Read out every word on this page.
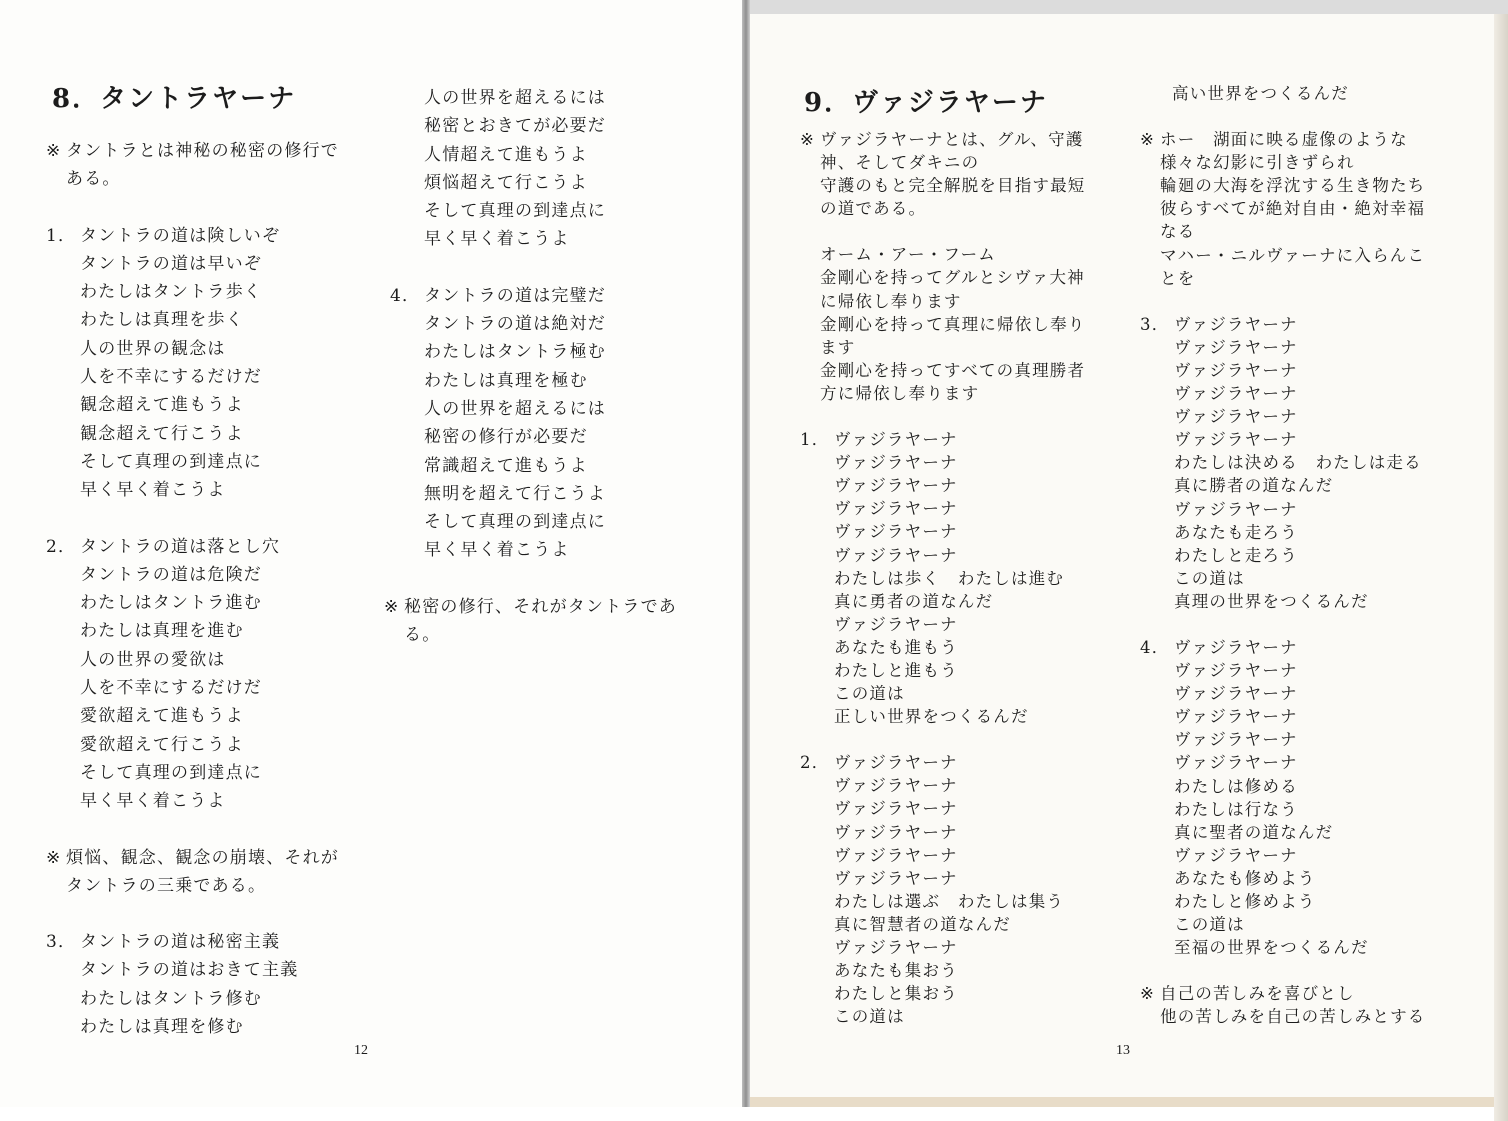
8．タントラヤーナ
※ タントラとは神秘の秘密の修行で
ある。
1． タントラの道は険しいぞ
タントラの道は早いぞ
わたしはタントラ歩く
わたしは真理を歩く
人の世界の観念は
人を不幸にするだけだ
観念超えて進もうよ
観念超えて行こうよ
そして真理の到達点に
早く早く着こうよ
2． タントラの道は落とし穴
タントラの道は危険だ
わたしはタントラ進む
わたしは真理を進む
人の世界の愛欲は
人を不幸にするだけだ
愛欲超えて進もうよ
愛欲超えて行こうよ
そして真理の到達点に
早く早く着こうよ
※ 煩悩、観念、観念の崩壊、それが
タントラの三乗である。
3． タントラの道は秘密主義
タントラの道はおきて主義
わたしはタントラ修む
わたしは真理を修む
人の世界を超えるには
秘密とおきてが必要だ
人情超えて進もうよ
煩悩超えて行こうよ
そして真理の到達点に
早く早く着こうよ
4． タントラの道は完璧だ
タントラの道は絶対だ
わたしはタントラ極む
わたしは真理を極む
人の世界を超えるには
秘密の修行が必要だ
常識超えて進もうよ
無明を超えて行こうよ
そして真理の到達点に
早く早く着こうよ
※ 秘密の修行、それがタントラであ
る。
12
9．ヴァジラヤーナ
※ ヴァジラヤーナとは、グル、守護
神、そしてダキニの
守護のもと完全解脱を目指す最短
の道である。
オーム・アー・フーム
金剛心を持ってグルとシヴァ大神
に帰依し奉ります
金剛心を持って真理に帰依し奉り
ます
金剛心を持ってすべての真理勝者
方に帰依し奉ります
1． ヴァジラヤーナ
ヴァジラヤーナ
ヴァジラヤーナ
ヴァジラヤーナ
ヴァジラヤーナ
ヴァジラヤーナ
わたしは歩く　わたしは進む
真に勇者の道なんだ
ヴァジラヤーナ
あなたも進もう
わたしと進もう
この道は
正しい世界をつくるんだ
2． ヴァジラヤーナ
ヴァジラヤーナ
ヴァジラヤーナ
ヴァジラヤーナ
ヴァジラヤーナ
ヴァジラヤーナ
わたしは選ぶ　わたしは集う
真に智慧者の道なんだ
ヴァジラヤーナ
あなたも集おう
わたしと集おう
この道は
高い世界をつくるんだ
※ ホー　湖面に映る虚像のような
様々な幻影に引きずられ
輪廻の大海を浮沈する生き物たち
彼らすべてが絶対自由・絶対幸福
なる
マハー・ニルヴァーナに入らんこ
とを
3． ヴァジラヤーナ
ヴァジラヤーナ
ヴァジラヤーナ
ヴァジラヤーナ
ヴァジラヤーナ
ヴァジラヤーナ
わたしは決める　わたしは走る
真に勝者の道なんだ
ヴァジラヤーナ
あなたも走ろう
わたしと走ろう
この道は
真理の世界をつくるんだ
4． ヴァジラヤーナ
ヴァジラヤーナ
ヴァジラヤーナ
ヴァジラヤーナ
ヴァジラヤーナ
ヴァジラヤーナ
わたしは修める
わたしは行なう
真に聖者の道なんだ
ヴァジラヤーナ
あなたも修めよう
わたしと修めよう
この道は
至福の世界をつくるんだ
※ 自己の苦しみを喜びとし
他の苦しみを自己の苦しみとする
13
